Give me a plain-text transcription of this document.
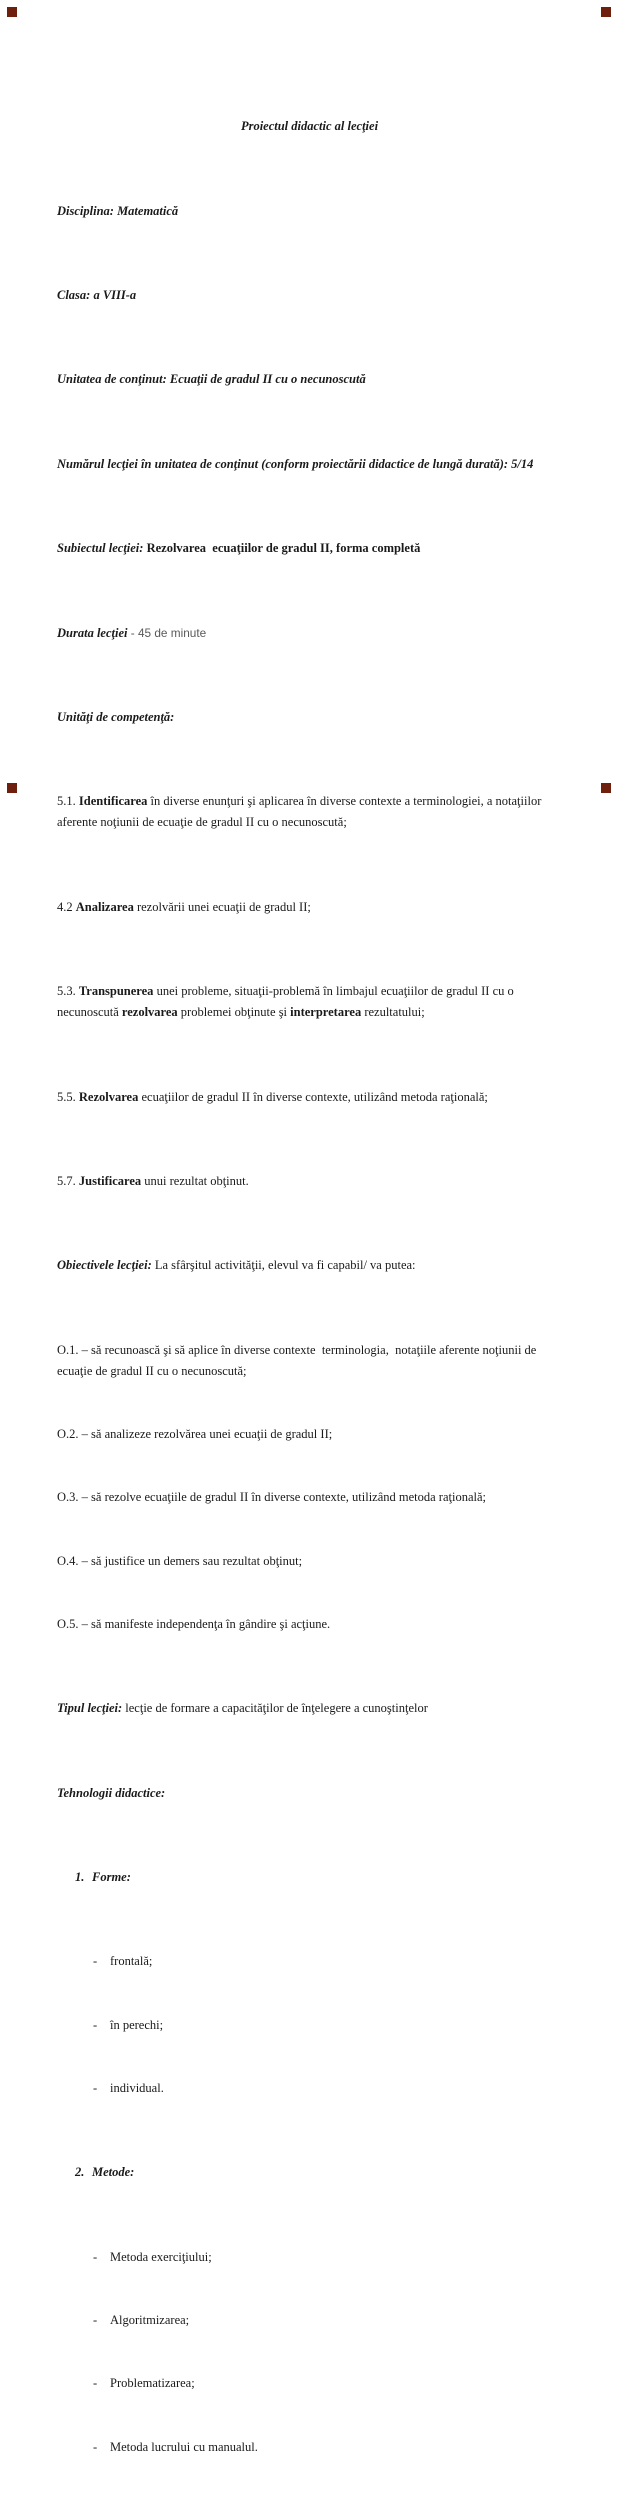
Proiectul didactic al lecţiei

Disciplina: Matematică

Clasa: a VIII-a

Unitatea de conţinut: Ecuaţii de gradul II cu o necunoscută

Numărul lecţiei în unitatea de conţinut (conform proiectării didactice de lungă durată): 5/14

Subiectul lecţiei: Rezolvarea  ecuaţiilor de gradul II, forma completă

Durata lecţiei - 45 de minute

Unităţi de competenţă:

5.1. Identificarea în diverse enunţuri şi aplicarea în diverse contexte a terminologiei, a notaţiilor aferente noţiunii de ecuaţie de gradul II cu o necunoscută;

4.2 Analizarea rezolvării unei ecuaţii de gradul II;

5.3. Transpunerea unei probleme, situaţii-problemă în limbajul ecuaţiilor de gradul II cu o necunoscută rezolvarea problemei obţinute şi interpretarea rezultatului;

5.5. Rezolvarea ecuaţiilor de gradul II în diverse contexte, utilizând metoda raţională;

5.7. Justificarea unui rezultat obţinut.

Obiectivele lecţiei: La sfârşitul activităţii, elevul va fi capabil/ va putea:

O.1. – să recunoască şi să aplice în diverse contexte  terminologia,  notaţiile aferente noţiunii de ecuaţie de gradul II cu o necunoscută;

O.2. – să analizeze rezolvărea unei ecuaţii de gradul II;

O.3. – să rezolve ecuaţiile de gradul II în diverse contexte, utilizând metoda raţională;

O.4. – să justifice un demers sau rezultat obţinut;

O.5. – să manifeste independenţa în gândire şi acţiune.

Tipul lecţiei: lecţie de formare a capacităţilor de înţelegere a cunoştinţelor

Tehnologii didactice:

1. Forme:

- frontală;

- în perechi;

- individual.

2. Metode:

- Metoda exerciţiului;

- Algoritmizarea;

- Problematizarea;

- Metoda lucrului cu manualul.
